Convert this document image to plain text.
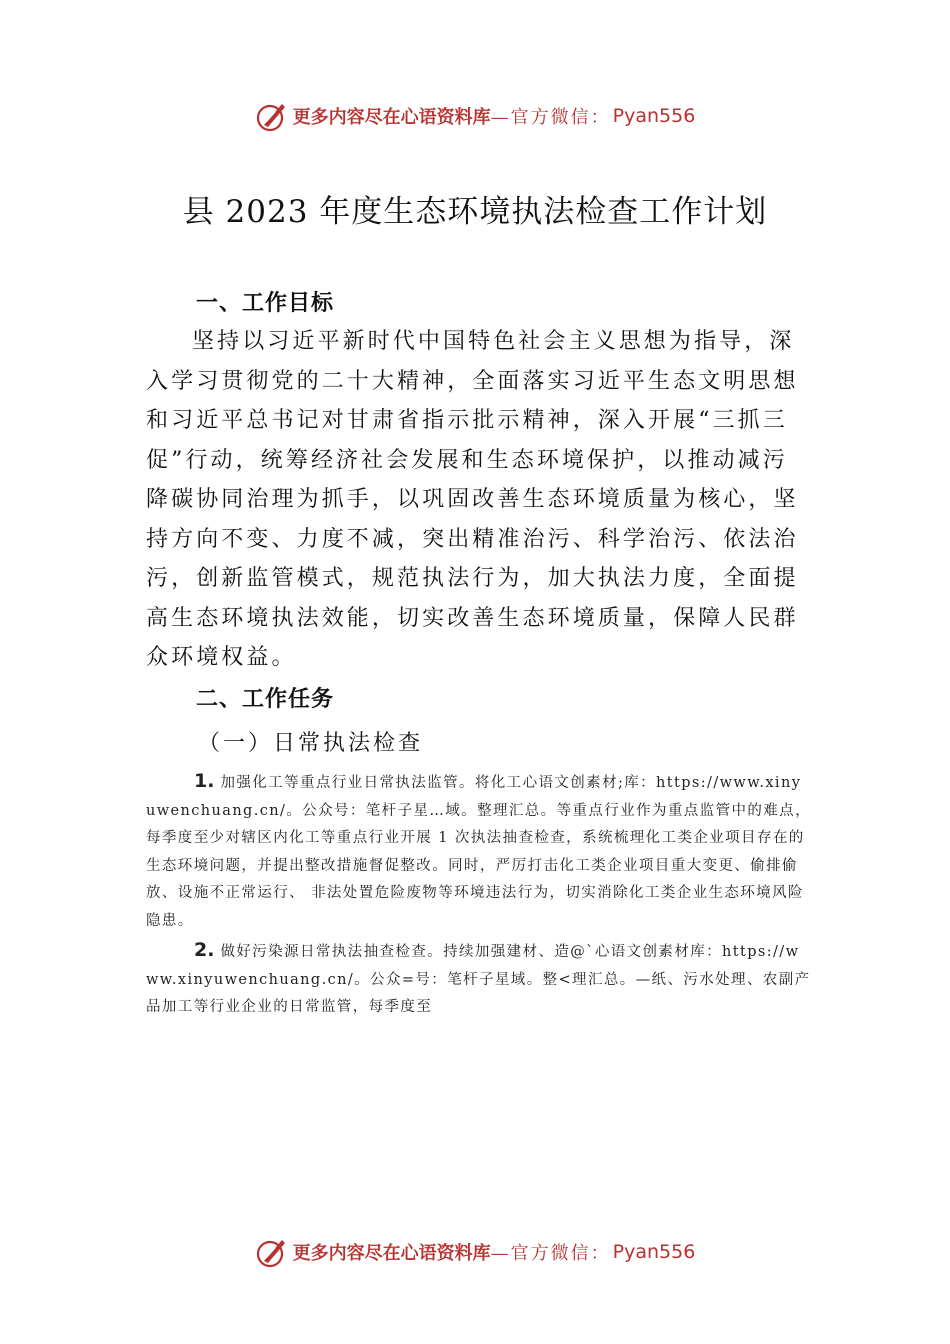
更多内容尽在心语资料库 —官方微信： Pyan556
县 2023 年度生态环境执法检查工作计划
一、工作目标

坚持以习近平新时代中国特色社会主义思想为指导，深入学习贯彻党的二十大精神，全面落实习近平生态文明思想和习近平总书记对甘肃省指示批示精神，深入开展“三抓三促”行动，统筹经济社会发展和生态环境保护，以推动减污降碳协同治理为抓手，以巩固改善生态环境质量为核心，坚持方向不变、力度不减，突出精准治污、科学治污、依法治污，创新监管模式，规范执法行为，加大执法力度，全面提高生态环境执法效能，切实改善生态环境质量，保障人民群众环境权益。

二、工作任务
（一）日常执法检查

1. 加强化工等重点行业日常执法监管。将化工心语文创素材;库：https://www.xinyuwenchuang.cn/。公众号：笔杆子星…域。整理汇总。等重点行业作为重点监管中的难点，每季度至少对辖区内化工等重点行业开展 1 次执法抽查检查，系统梳理化工类企业项目存在的生态环境问题，并提出整改措施督促整改。同时，严厉打击化工类企业项目重大变更、偷排偷放、设施不正常运行、 非法处置危险废物等环境违法行为，切实消除化工类企业生态环境风险隐患。

2. 做好污染源日常执法抽查检查。持续加强建材、造@`心语文创素材库：https://www.xinyuwenchuang.cn/。公众=号：笔杆子星域。整<理汇总。—纸、污水处理、农副产品加工等行业企业的日常监管，每季度至

更多内容尽在心语资料库 —官方微信： Pyan556
